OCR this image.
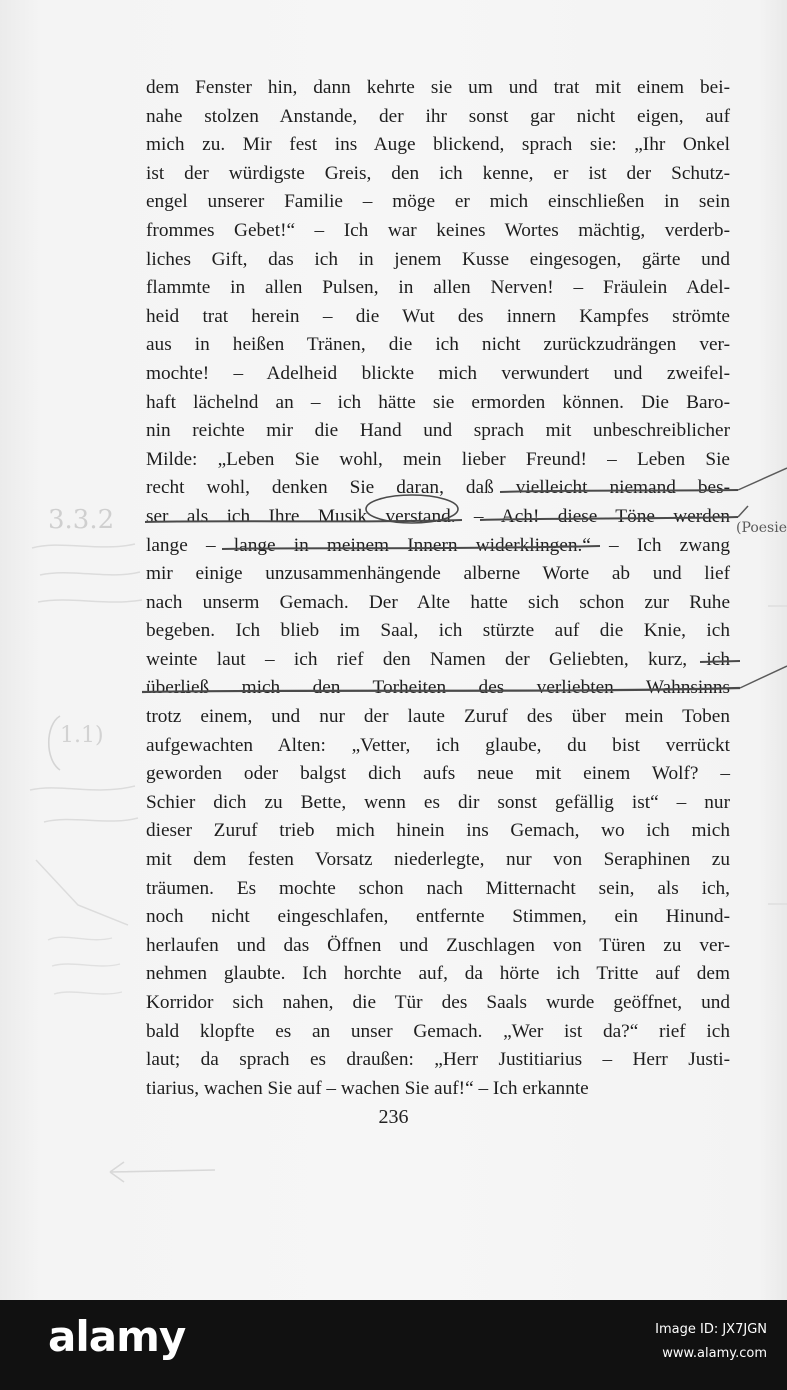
dem Fenster hin, dann kehrte sie um und trat mit einem bei-
nahe stolzen Anstande, der ihr sonst gar nicht eigen, auf
mich zu. Mir fest ins Auge blickend, sprach sie: „Ihr Onkel
ist der würdigste Greis, den ich kenne, er ist der Schutz-
engel unserer Familie – möge er mich einschließen in sein
frommes Gebet!“ – Ich war keines Wortes mächtig, verderb-
liches Gift, das ich in jenem Kusse eingesogen, gärte und
flammte in allen Pulsen, in allen Nerven! – Fräulein Adel-
heid trat herein – die Wut des innern Kampfes strömte
aus in heißen Tränen, die ich nicht zurückzudrängen ver-
mochte! – Adelheid blickte mich verwundert und zweifel-
haft lächelnd an – ich hätte sie ermorden können. Die Baro-
nin reichte mir die Hand und sprach mit unbeschreiblicher
Milde: „Leben Sie wohl, mein lieber Freund! – Leben Sie
recht wohl, denken Sie daran, daß vielleicht niemand bes-
ser als ich Ihre Musik verstand. – Ach! diese Töne werden
lange – lange in meinem Innern widerklingen.“ – Ich zwang
mir einige unzusammenhängende alberne Worte ab und lief
nach unserm Gemach. Der Alte hatte sich schon zur Ruhe
begeben. Ich blieb im Saal, ich stürzte auf die Knie, ich
weinte laut – ich rief den Namen der Geliebten, kurz, ich
überließ mich den Torheiten des verliebten Wahnsinns
trotz einem, und nur der laute Zuruf des über mein Toben
aufgewachten Alten: „Vetter, ich glaube, du bist verrückt
geworden oder balgst dich aufs neue mit einem Wolf? –
Schier dich zu Bette, wenn es dir sonst gefällig ist“ – nur
dieser Zuruf trieb mich hinein ins Gemach, wo ich mich
mit dem festen Vorsatz niederlegte, nur von Seraphinen zu
träumen. Es mochte schon nach Mitternacht sein, als ich,
noch nicht eingeschlafen, entfernte Stimmen, ein Hinund-
herlaufen und das Öffnen und Zuschlagen von Türen zu ver-
nehmen glaubte. Ich horchte auf, da hörte ich Tritte auf dem
Korridor sich nahen, die Tür des Saals wurde geöffnet, und
bald klopfte es an unser Gemach. „Wer ist da?“ rief ich
laut; da sprach es draußen: „Herr Justitiarius – Herr Justi-
tiarius, wachen Sie auf – wachen Sie auf!“ – Ich erkannte
236
(Poesie
3.3.2
1.1)
alamy	Image ID: JX7JGN
www.alamy.com
